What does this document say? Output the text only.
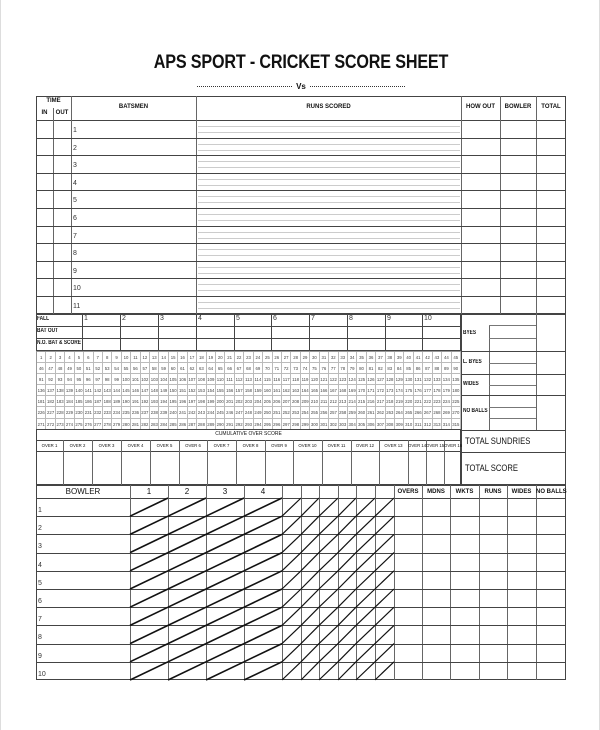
APS SPORT - CRICKET SCORE SHEET
Vs
TIME
IN	OUT
BATSMEN	RUNS SCORED	HOW OUT	BOWLER	TOTAL
1
2
3
4
5
6
7
8
9
10
11
FALL
BAT OUT
N.O. BAT & SCORE
1	2	3	4	5	6	7	8	9	10
1	2	3	4	5	6	7	8	9	10	11	12	13	14	15	16	17	18	19	20	21	22	23	24	25	26	27	28	29	30	31	32	33	34	35	36	37	38	39	40	41	42	43	44	45
46	47	48	49	50	51	52	53	54	55	56	57	58	59	60	61	62	63	64	65	66	67	68	69	70	71	72	73	74	75	76	77	78	79	80	81	82	83	84	85	86	87	88	89	90
91	92	93	94	95	96	97	98	99 100 101 102 103 104 105 106 107 108 109 110 111 112 113 114 115 116 117 118 119 120 121 122 123 124 125 126 127 128 129 130 131 132 133 134 135
136 137 138 139 140 141 142 143 144 145 146 147 148 149 150 151 152 153 154 155 156 157 158 159 160 161 162 163 164 165 166 167 168 169 170 171 172 173 174 175 176 177 178 179 180
181 182 183 184 185 186 187 188 189 190 191 192 193 194 195 196 197 198 199 200 201 202 203 204 205 206 207 208 209 210 211 212 213 214 215 216 217 218 219 220 221 222 223 224 225
226 227 228 229 230 231 232 233 234 235 236 237 238 239 240 241 242 243 244 245 246 247 248 249 250 251 252 253 254 255 256 257 258 259 260 261 262 263 264 265 266 267 268 269 270
271 272 273 274 275 276 277 278 279 280 281 282 283 284 285 286 287 288 289 290 291 292 293 294 295 296 297 298 299 300 301 302 303 304 305 306 307 308 309 310 311 312 313 314 315
BYES
L. BYES
WIDES
NO BALLS
TOTAL SUNDRIES
TOTAL SCORE
CUMULATIVE OVER SCORE
OVER 1	OVER 2	OVER 3	OVER 4	OVER 5	OVER 6	OVER 7	OVER 8	OVER 9	OVER 10	OVER 11	OVER 12	OVER 13	OVER 14 OVER 15 OVER 16
BOWLER	1	2	3	4	OVERS	MDNS	WKTS	RUNS	WIDES NO BALLS
1
2
3
4
5
6
7
8
9
10
